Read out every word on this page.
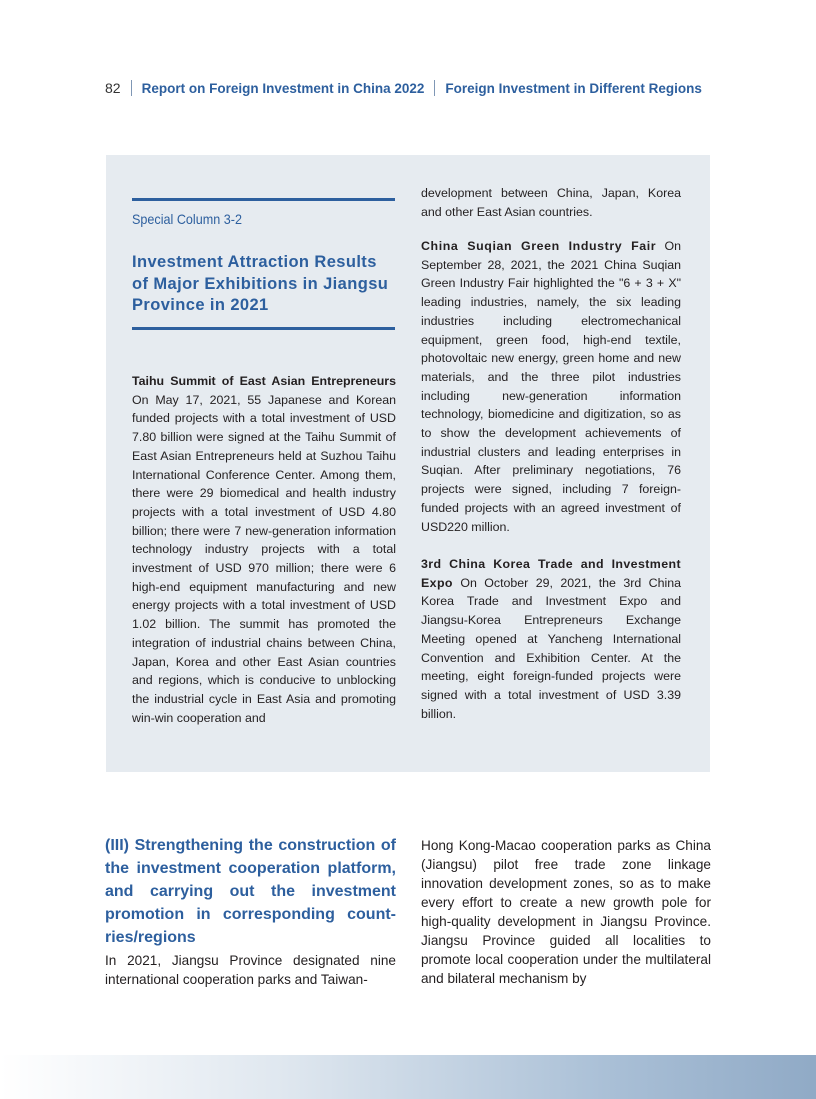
82 Report on Foreign Investment in China 2022 Foreign Investment in Different Regions
Special Column 3-2
Investment Attraction Results of Major Exhibitions in Jiangsu Province in 2021

Taihu Summit of East Asian Entrepreneurs On May 17, 2021, 55 Japanese and Korean funded projects with a total investment of USD 7.80 billion were signed at the Taihu Summit of East Asian Entrepreneurs held at Suzhou Taihu International Conference Center. Among them, there were 29 biomedical and health industry projects with a total investment of USD 4.80 billion; there were 7 new-generation information technology industry projects with a total investment of USD 970 million; there were 6 high-end equipment manufacturing and new energy projects with a total investment of USD 1.02 billion. The summit has promoted the integration of industrial chains between China, Japan, Korea and other East Asian countries and regions, which is conducive to unblocking the industrial cycle in East Asia and promoting win-win cooperation and

development between China, Japan, Korea and other East Asian countries.

China Suqian Green Industry Fair On September 28, 2021, the 2021 China Suqian Green Industry Fair highlighted the "6 + 3 + X" leading industries, namely, the six leading industries including electromechanical equipment, green food, high-end textile, photovoltaic new energy, green home and new materials, and the three pilot industries including new-generation information technology, biomedicine and digitization, so as to show the development achievements of industrial clusters and leading enterprises in Suqian. After preliminary negotiations, 76 projects were signed, including 7 foreign-funded projects with an agreed investment of USD220 million.

3rd China Korea Trade and Investment Expo On October 29, 2021, the 3rd China Korea Trade and Investment Expo and Jiangsu-Korea Entrepreneurs Exchange Meeting opened at Yancheng International Convention and Exhibition Center. At the meeting, eight foreign-funded projects were signed with a total investment of USD 3.39 billion.

(III) Strengthening the construction of the investment cooperation platform, and carrying out the investment promotion in corresponding count-ries/regions

In 2021, Jiangsu Province designated nine international cooperation parks and Taiwan-

Hong Kong-Macao cooperation parks as China (Jiangsu) pilot free trade zone linkage innovation development zones, so as to make every effort to create a new growth pole for high-quality development in Jiangsu Province. Jiangsu Province guided all localities to promote local cooperation under the multilateral and bilateral mechanism by
